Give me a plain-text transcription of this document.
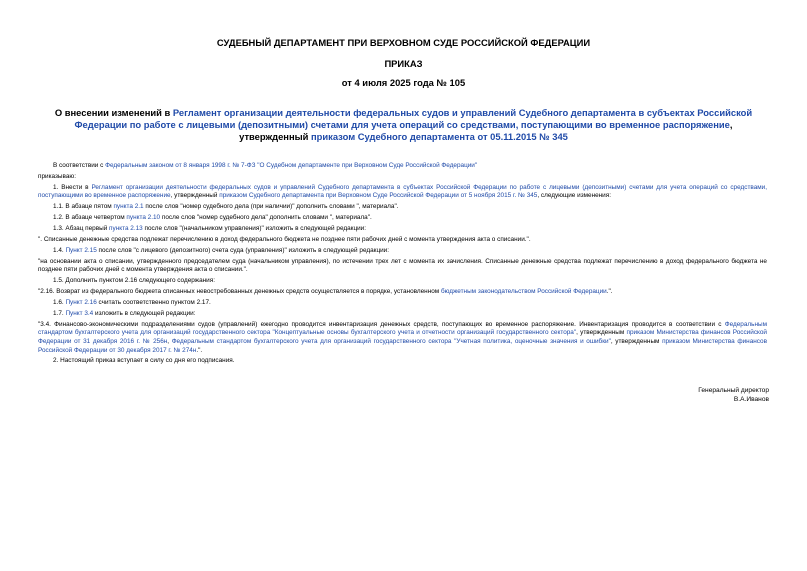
СУДЕБНЫЙ ДЕПАРТАМЕНТ ПРИ ВЕРХОВНОМ СУДЕ РОССИЙСКОЙ ФЕДЕРАЦИИ
ПРИКАЗ
от 4 июля 2025 года № 105
О внесении изменений в Регламент организации деятельности федеральных судов и управлений Судебного департамента в субъектах Российской Федерации по работе с лицевыми (депозитными) счетами для учета операций со средствами, поступающими во временное распоряжение, утвержденный приказом Судебного департамента от 05.11.2015 № 345

В соответствии с Федеральным законом от 8 января 1998 г. № 7-ФЗ "О Судебном департаменте при Верховном Суде Российской Федерации"

приказываю:

1. Внести в Регламент организации деятельности федеральных судов и управлений Судебного департамента в субъектах Российской Федерации по работе с лицевыми (депозитными) счетами для учета операций со средствами, поступающими во временное распоряжение, утвержденный приказом Судебного департамента при Верховном Суде Российской Федерации от 5 ноября 2015 г. № 345, следующие изменения:

1.1. В абзаце пятом пункта 2.1 после слов "номер судебного дела (при наличии)" дополнить словами ", материала".

1.2. В абзаце четвертом пункта 2.10 после слов "номер судебного дела" дополнить словами ", материала".

1.3. Абзац первый пункта 2.13 после слов "(начальником управления)" изложить в следующей редакции:

". Списанные денежные средства подлежат перечислению в доход федерального бюджета не позднее пяти рабочих дней с момента утверждения акта о списании.".

1.4. Пункт 2.15 после слов "с лицевого (депозитного) счета суда (управления)" изложить в следующей редакции:

"на основании акта о списании, утвержденного председателем суда (начальником управления), по истечении трех лет с момента их зачисления. Списанные денежные средства подлежат перечислению в доход федерального бюджета не позднее пяти рабочих дней с момента утверждения акта о списании.".

1.5. Дополнить пунктом 2.16 следующего содержания:

"2.16. Возврат из федерального бюджета списанных невостребованных денежных средств осуществляется в порядке, установленном бюджетным законодательством Российской Федерации.".

1.6. Пункт 2.16 считать соответственно пунктом 2.17.

1.7. Пункт 3.4 изложить в следующей редакции:

"3.4. Финансово-экономическими подразделениями судов (управлений) ежегодно проводится инвентаризация денежных средств, поступающих во временное распоряжение. Инвентаризация проводится в соответствии с Федеральным стандартом бухгалтерского учета для организаций государственного сектора "Концептуальные основы бухгалтерского учета и отчетности организаций государственного сектора", утвержденным приказом Министерства финансов Российской Федерации от 31 декабря 2016 г. № 256н, Федеральным стандартом бухгалтерского учета для организаций государственного сектора "Учетная политика, оценочные значения и ошибки", утвержденным приказом Министерства финансов Российской Федерации от 30 декабря 2017 г. № 274н.".

2. Настоящий приказ вступает в силу со дня его подписания.

Генеральный директор
В.А.Иванов
